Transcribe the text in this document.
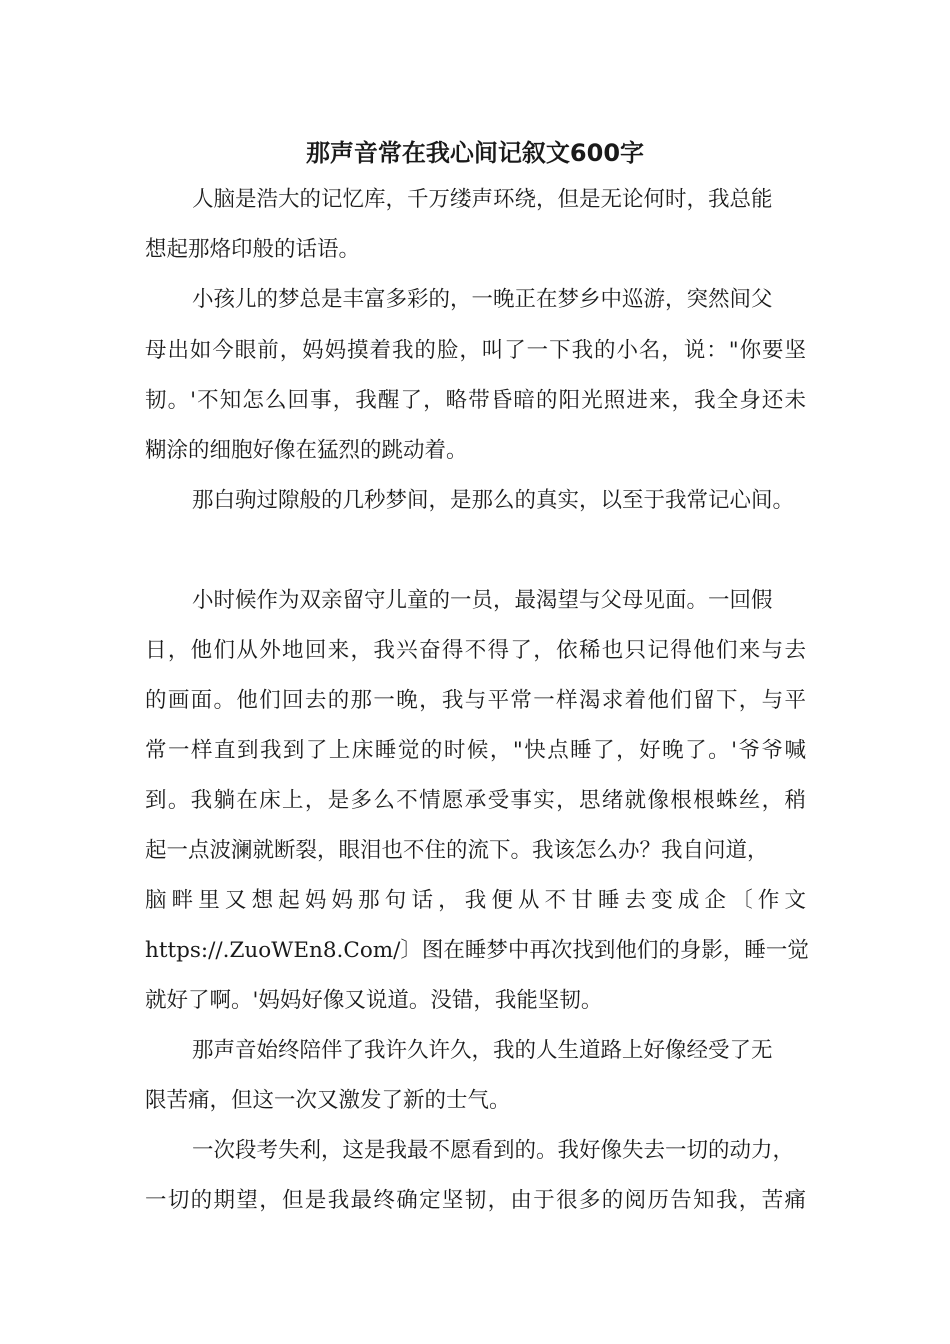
那声音常在我心间记叙文600字
人脑是浩大的记忆库，千万缕声环绕，但是无论何时，我总能
想起那烙印般的话语。
小孩儿的梦总是丰富多彩的，一晚正在梦乡中巡游，突然间父
母出如今眼前，妈妈摸着我的脸，叫了一下我的小名，说："你要坚
韧。'不知怎么回事，我醒了，略带昏暗的阳光照进来，我全身还未
糊涂的细胞好像在猛烈的跳动着。
那白驹过隙般的几秒梦间，是那么的真实，以至于我常记心间。
小时候作为双亲留守儿童的一员，最渴望与父母见面。一回假
日，他们从外地回来，我兴奋得不得了，依稀也只记得他们来与去
的画面。他们回去的那一晚，我与平常一样渴求着他们留下，与平
常一样直到我到了上床睡觉的时候，"快点睡了，好晚了。'爷爷喊
到。我躺在床上，是多么不情愿承受事实，思绪就像根根蛛丝，稍
起一点波澜就断裂，眼泪也不住的流下。我该怎么办？我自问道，
脑畔里又想起妈妈那句话，我便从不甘睡去变成企〔作文
https://.ZuoWEn8.Com/〕图在睡梦中再次找到他们的身影，睡一觉
就好了啊。'妈妈好像又说道。没错，我能坚韧。
那声音始终陪伴了我许久许久，我的人生道路上好像经受了无
限苦痛，但这一次又激发了新的士气。
一次段考失利，这是我最不愿看到的。我好像失去一切的动力，
一切的期望，但是我最终确定坚韧，由于很多的阅历告知我，苦痛
